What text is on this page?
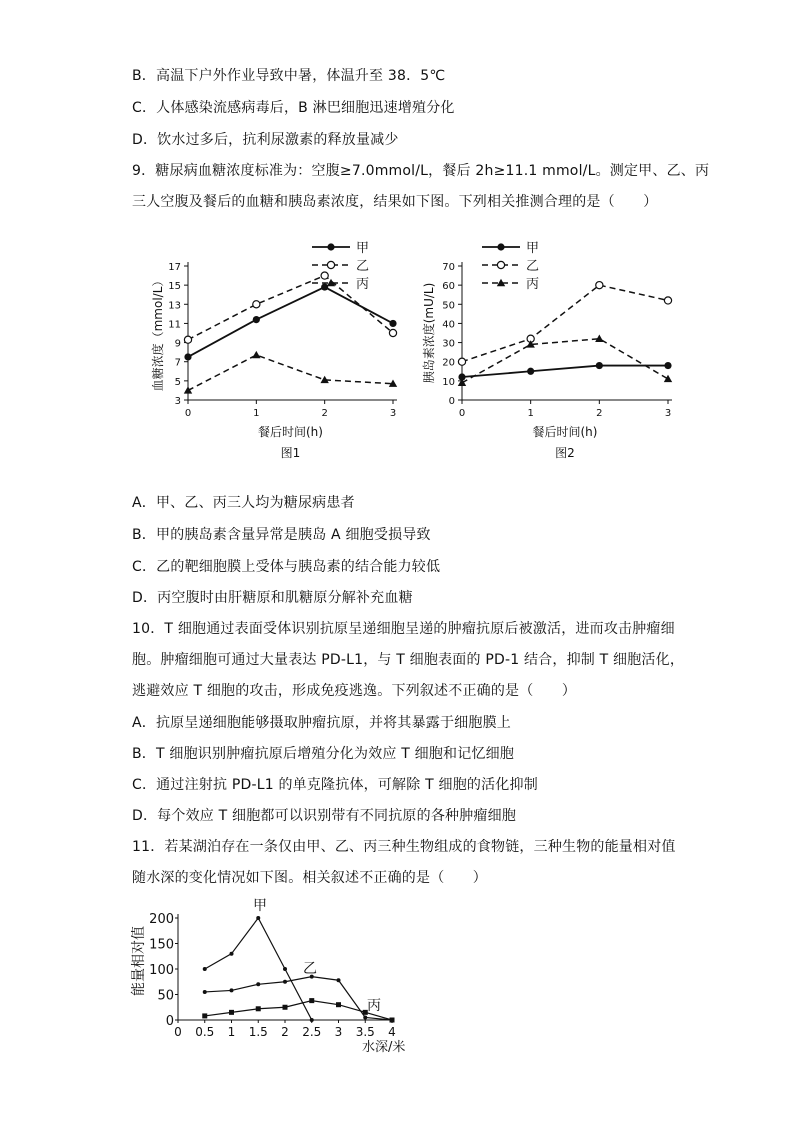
B．高温下户外作业导致中暑，体温升至 38．5℃
C．人体感染流感病毒后，B 淋巴细胞迅速增殖分化
D．饮水过多后，抗利尿激素的释放量减少
9．糖尿病血糖浓度标准为：空腹≥7.0mmol/L，餐后 2h≥11.1 mmol/L。测定甲、乙、丙
三人空腹及餐后的血糖和胰岛素浓度，结果如下图。下列相关推测合理的是（　　）
3
5
7
9
11
13
15
17
0	1	2	3
餐后时间(h)
图1
血糖浓度（mmol/L）
甲
乙
丙
0
10
20
30
40
50
60
70
0	1	2	3
餐后时间(h)
图2
胰岛素浓度(mU/L)
甲
乙
丙
A．甲、乙、丙三人均为糖尿病患者
B．甲的胰岛素含量异常是胰岛 A 细胞受损导致
C．乙的靶细胞膜上受体与胰岛素的结合能力较低
D．丙空腹时由肝糖原和肌糖原分解补充血糖
10．T 细胞通过表面受体识别抗原呈递细胞呈递的肿瘤抗原后被激活，进而攻击肿瘤细
胞。肿瘤细胞可通过大量表达 PD-L1，与 T 细胞表面的 PD-1 结合，抑制 T 细胞活化，
逃避效应 T 细胞的攻击，形成免疫逃逸。下列叙述不正确的是（　　）
A．抗原呈递细胞能够摄取肿瘤抗原，并将其暴露于细胞膜上
B．T 细胞识别肿瘤抗原后增殖分化为效应 T 细胞和记忆细胞
C．通过注射抗 PD-L1 的单克隆抗体，可解除 T 细胞的活化抑制
D．每个效应 T 细胞都可以识别带有不同抗原的各种肿瘤细胞
11．若某湖泊存在一条仅由甲、乙、丙三种生物组成的食物链，三种生物的能量相对值
随水深的变化情况如下图。相关叙述不正确的是（　　）
0
50
100
150
200
0 0.5 1 1.5 2 2.5 3 3.5 4
水深/米
能量相对值
甲
乙
丙
